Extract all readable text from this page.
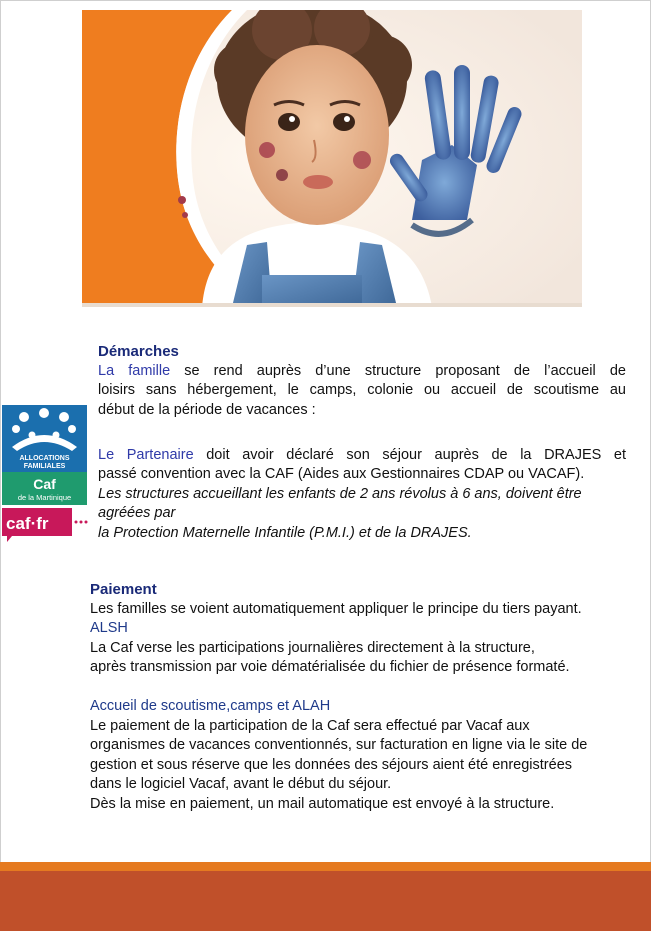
ALLOCATIONS
FAMILIALES
Caf
de la Martinique
caf·fr
Démarches
La famille se rend auprès d’une structure proposant de l’accueil de
loisirs sans hébergement, le camps, colonie ou accueil de scoutisme au
début de la période de vacances :
Le Partenaire doit avoir déclaré son séjour auprès de la DRAJES et
passé convention avec la CAF (Aides aux Gestionnaires CDAP ou VACAF).
Les structures accueillant les enfants de 2 ans révolus à 6 ans, doivent être
agréées par
la Protection Maternelle Infantile (P.M.I.) et de la DRAJES.
Paiement
Les familles se voient automatiquement appliquer le principe du tiers payant.
ALSH
La Caf verse les participations journalières directement à la structure,
après transmission par voie dématérialisée du fichier de présence formaté.
Accueil de scoutisme,camps et ALAH
Le paiement de la participation de la Caf sera effectué par Vacaf aux
organismes de vacances conventionnés, sur facturation en ligne via le site de
gestion et sous réserve que les données des séjours aient été enregistrées
dans le logiciel Vacaf, avant le début du séjour.
Dès la mise en paiement, un mail automatique est envoyé à la structure.
